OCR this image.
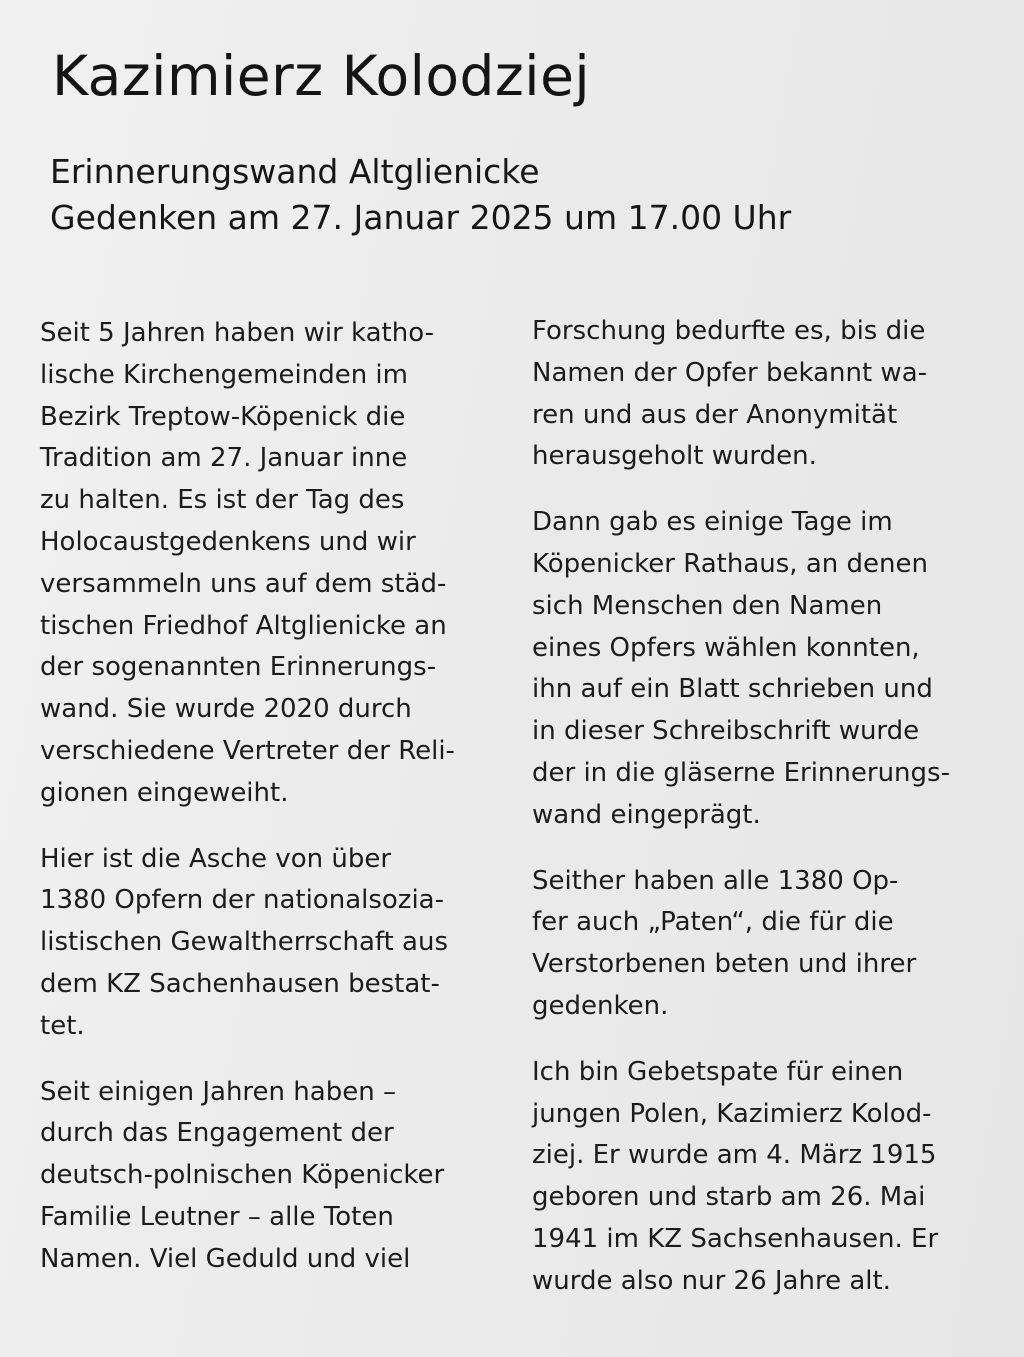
Kazimierz Kolodziej

Erinnerungswand Altglienicke

Gedenken am 27. Januar 2025 um 17.00 Uhr

Seit 5 Jahren haben wir katho-
lische Kirchengemeinden im
Bezirk Treptow-Köpenick die
Tradition am 27. Januar inne
zu halten. Es ist der Tag des
Holocaustgedenkens und wir
versammeln uns auf dem städ-
tischen Friedhof Altglienicke an
der sogenannten Erinnerungs-
wand. Sie wurde 2020 durch
verschiedene Vertreter der Reli-
gionen eingeweiht.

Hier ist die Asche von über
1380 Opfern der nationalsozia-
listischen Gewaltherrschaft aus
dem KZ Sachenhausen bestat-
tet.

Seit einigen Jahren haben –
durch das Engagement der
deutsch-polnischen Köpenicker
Familie Leutner – alle Toten
Namen. Viel Geduld und viel

Forschung bedurfte es, bis die
Namen der Opfer bekannt wa-
ren und aus der Anonymität
herausgeholt wurden.

Dann gab es einige Tage im
Köpenicker Rathaus, an denen
sich Menschen den Namen
eines Opfers wählen konnten,
ihn auf ein Blatt schrieben und
in dieser Schreibschrift wurde
der in die gläserne Erinnerungs-
wand eingeprägt.

Seither haben alle 1380 Op-
fer auch „Paten“, die für die
Verstorbenen beten und ihrer
gedenken.

Ich bin Gebetspate für einen
jungen Polen, Kazimierz Kolod-
ziej. Er wurde am 4. März 1915
geboren und starb am 26. Mai
1941 im KZ Sachsenhausen. Er
wurde also nur 26 Jahre alt.
